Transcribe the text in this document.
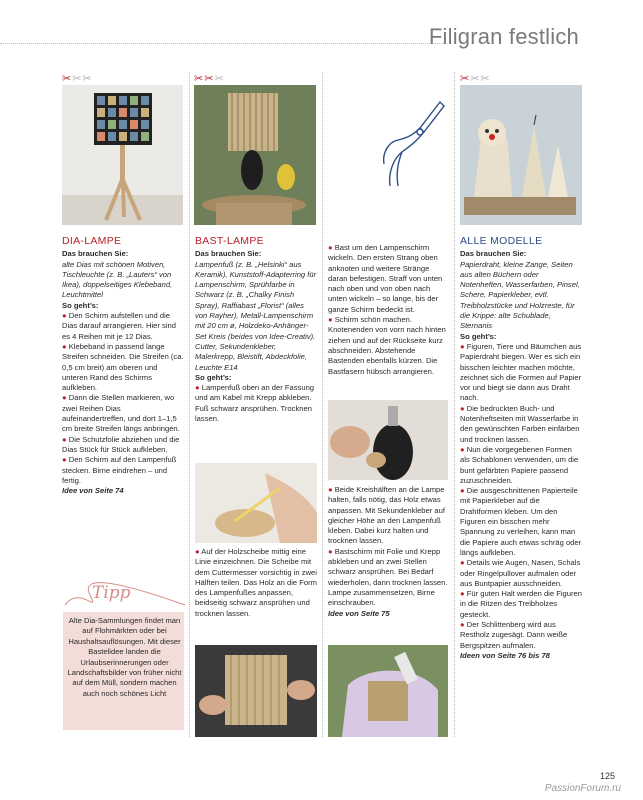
Filigran festlich
✂✂✂
DIA-LAMPE

Das brauchen Sie:

alte Dias mit schönen Motiven, Tischleuchte (z. B. „Lauters“ von Ikea), doppelseitiges Klebeband, Leuchtmittel

So geht’s:

● Den Schirm aufstellen und die Dias darauf arrangieren. Hier sind es 4 Reihen mit je 12 Dias.

● Klebeband in passend lange Streifen schneiden. Die Streifen (ca. 0,5 cm breit) am oberen und unteren Rand des Schirms aufkleben.

● Dann die Stellen markieren, wo zwei Reihen Dias aufeinandertreffen, und dort 1–1,5 cm breite Streifen längs anbringen.

● Die Schutzfolie abziehen und die Dias Stück für Stück aufkleben.

● Den Schirm auf den Lampenfuß stecken. Birne eindrehen – und fertig.

Idee von Seite 74

Tipp
Alte Dia-Sammlungen findet man auf Flohmärkten oder bei Haushaltsauflösungen. Mit dieser Bastelidee landen die Urlaubserinnerungen oder Landschaftsbilder von früher nicht auf dem Müll, sondern machen auch noch schönes Licht
✂✂✂
BAST-LAMPE

Das brauchen Sie:

Lampenfuß (z. B. „Helsinki“ aus Keramik), Kunststoff-Adapterring für Lampenschirm, Sprühfarbe in Schwarz (z. B. „Chalky Finish Spray), Raffiabast „Florist“ (alles von Rayher), Metall-Lampenschirm mit 20 cm ø, Holzdeko-Anhänger-Set Kreis (beides von Idee-Creativ). Cutter, Sekundenkleber, Malerkrepp, Bleistift, Abdeckfolie, Leuchte E14

So geht’s:

● Lampenfuß oben an der Fassung und am Kabel mit Krepp abkleben. Fuß schwarz ansprühen. Trocknen lassen.

● Auf der Holzscheibe mittig eine Linie einzeichnen. Die Scheibe mit dem Cuttermesser vorsichtig in zwei Hälften teilen. Das Holz an die Form des Lampenfußes anpassen, beidseitig schwarz ansprühen und trocknen lassen.

● Bast um den Lampenschirm wickeln. Den ersten Strang oben anknoten und weitere Stränge daran befestigen. Straff von unten nach oben und von oben nach unten wickeln – so lange, bis der ganze Schirm bedeckt ist.

● Schirm schön machen. Knotenenden von vorn nach hinten ziehen und auf der Rückseite kurz abschneiden. Abstehende Bastenden ebenfalls kürzen. Die Bastfasern hübsch arrangieren.

● Beide Kreishälften an die Lampe halten, falls nötig, das Holz etwas anpassen. Mit Sekundenkleber auf gleicher Höhe an den Lampenfuß kleben. Dabei kurz halten und trocknen lassen.

● Bastschirm mit Folie und Krepp abkleben und an zwei Stellen schwarz ansprühen. Bei Bedarf wiederholen, dann trocknen lassen. Lampe zusammensetzen, Birne einschrauben.

Idee von Seite 75

✂✂✂
ALLE MODELLE

Das brauchen Sie:

Papierdraht, kleine Zange, Seiten aus alten Büchern oder Notenheften, Wasserfarben, Pinsel, Schere, Papierkleber, evtl. Treibholzstücke und Holzreste, für die Krippe: alte Schublade, Sternanis

So geht’s:

● Figuren, Tiere und Bäumchen aus Papierdraht biegen. Wer es sich ein bisschen leichter machen möchte, zeichnet sich die Formen auf Papier vor und biegt sie dann aus Draht nach.

● Die bedruckten Buch- und Notenheftseiten mit Wasserfarbe in den gewünschten Farben einfärben und trocknen lassen.

● Nun die vorgegebenen Formen als Schablonen verwenden, um die bunt gefärbten Papiere passend zuzuschneiden.

● Die ausgeschnittenen Papierteile mit Papierkleber auf die Drahtformen kleben. Um den Figuren ein bisschen mehr Spannung zu verleihen, kann man die Papiere auch etwas schräg oder längs aufkleben.

● Details wie Augen, Nasen, Schals oder Ringelpullover aufmalen oder aus Buntpapier ausschneiden.

● Für guten Halt werden die Figuren in die Ritzen des Treibholzes gesteckt.

● Der Schlittenberg wird aus Restholz zugesägt. Dann weiße Bergspitzen aufmalen.

Ideen von Seite 76 bis 78

125
PassionForum.ru
